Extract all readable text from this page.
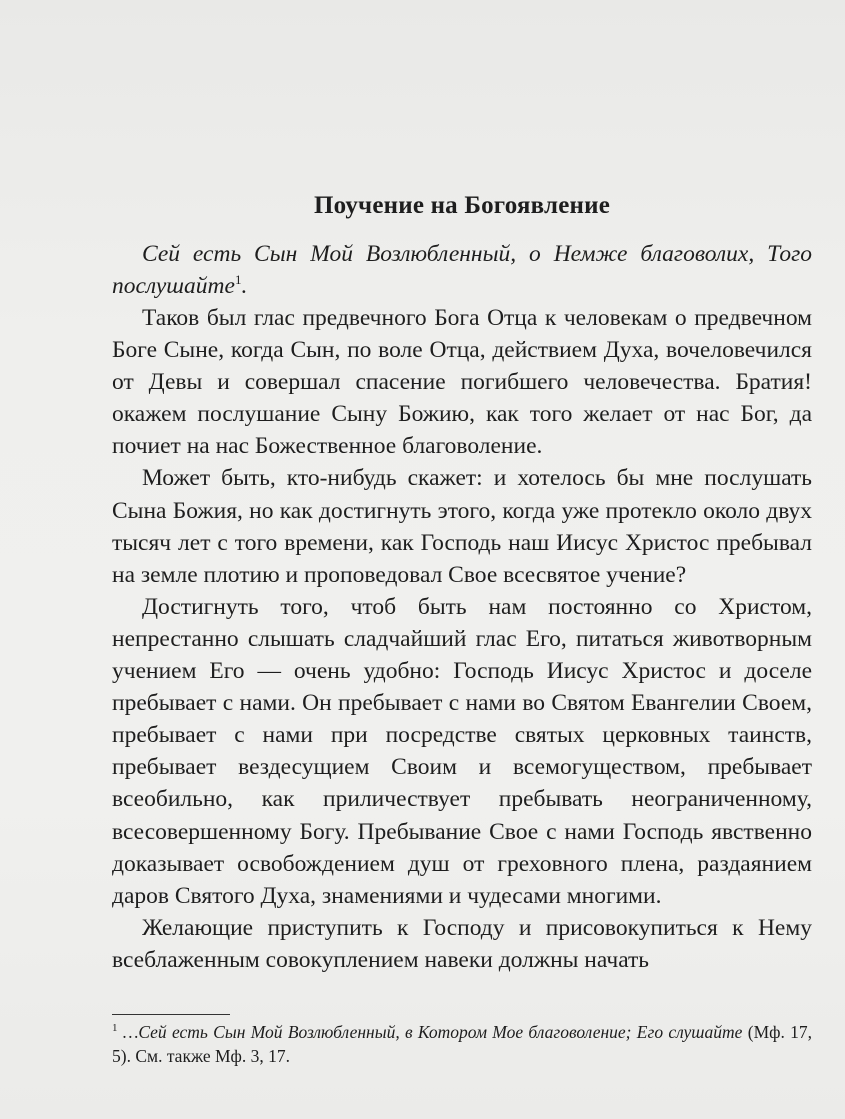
Поучение на Богоявление

Сей есть Сын Мой Возлюбленный, о Немже благоволих, Того послушайте$^1$.

Таков был глас предвечного Бога Отца к человекам о предвечном Боге Сыне, когда Сын, по воле Отца, действием Духа, вочеловечился от Девы и совершал спасение погибшего человечества. Братия! окажем послушание Сыну Божию, как того желает от нас Бог, да почиет на нас Божественное благоволение.

Может быть, кто-нибудь скажет: и хотелось бы мне послушать Сына Божия, но как достигнуть этого, когда уже протекло около двух тысяч лет с того времени, как Господь наш Иисус Христос пребывал на земле плотию и проповедовал Свое всесвятое учение?

Достигнуть того, чтоб быть нам постоянно со Христом, непрестанно слышать сладчайший глас Его, питаться животворным учением Его — очень удобно: Господь Иисус Христос и доселе пребывает с нами. Он пребывает с нами во Святом Евангелии Своем, пребывает с нами при посредстве святых церковных таинств, пребывает вездесущием Своим и всемогуществом, пребывает всеобильно, как приличествует пребывать неограниченному, всесовершенному Богу. Пребывание Свое с нами Господь явственно доказывает освобождением душ от греховного плена, раздаянием даров Святого Духа, знамениями и чудесами многими.

Желающие приступить к Господу и присовокупиться к Нему всеблаженным совокуплением навеки должны начать

$^1$ …Сей есть Сын Мой Возлюбленный, в Котором Мое благоволение; Его слушайте (Мф. 17, 5). См. также Мф. 3, 17.
